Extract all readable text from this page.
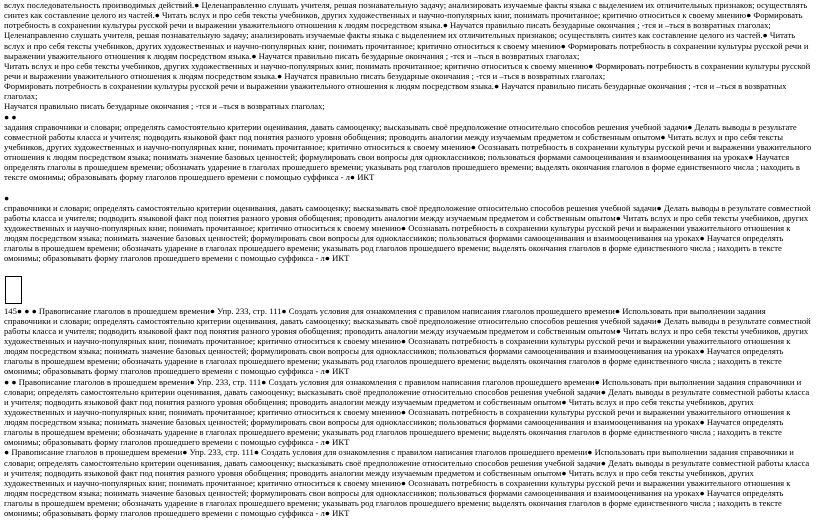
вслух последовательность производимых действий.● Целенаправленно слушать учителя, решая познавательную задачу; анализировать изучаемые факты языка с выделением их отличительных признаков; осуществлять синтез как составление целого из частей.● Читать вслух и про себя тексты учебников, других художественных и научно-популярных книг, понимать прочитанное; критично относиться к своему мнению● Формировать потребность в сохранении культуры русской речи и выражении уважительного отношения к людям посредством языка.● Научатся правильно писать безударные окончания ; -тся и –ться в возвратных глаголах;

Целенаправленно слушать учителя, решая познавательную задачу; анализировать изучаемые факты языка с выделением их отличительных признаков; осуществлять синтез как составление целого из частей.● Читать вслух и про себя тексты учебников, других художественных и научно-популярных книг, понимать прочитанное; критично относиться к своему мнению● Формировать потребность в сохранении культуры русской речи и выражении уважительного отношения к людям посредством языка.● Научатся правильно писать безударные окончания ; -тся и –ться в возвратных глаголах;

Читать вслух и про себя тексты учебников, других художественных и научно-популярных книг, понимать прочитанное; критично относиться к своему мнению● Формировать потребность в сохранении культуры русской речи и выражении уважительного отношения к людям посредством языка.● Научатся правильно писать безударные окончания ; -тся и –ться в возвратных глаголах;

Формировать потребность в сохранении культуры русской речи и выражении уважительного отношения к людям посредством языка.● Научатся правильно писать безударные окончания ; -тся и –ться в возвратных глаголах;

Научатся правильно писать безударные окончания ; -тся и –ться в возвратных глаголах;

● ●

задания справочники и словари; определять самостоятельно критерии оценивания, давать самооценку; высказывать своё предположение относительно способов решения учебной задачи● Делать выводы в результате совместной работы класса и учителя; подводить языковой факт под понятия разного уровня обобщения; проводить аналогии между изучаемым предметом и собственным опытом● Читать вслух и про себя тексты учебников, других художественных и научно-популярных книг, понимать прочитанное; критично относиться к своему мнению● Осознавать потребность в сохранении культуры русской речи и выражении уважительного отношения к людям посредством языка; понимать значение базовых ценностей; формулировать свои вопросы для одноклассников; пользоваться формами самооценивания и взаимооценивания на уроках● Научатся определять глаголы в прошедшем времени; обозначать ударение в глаголах прошедшего времени; указывать род глаголов прошедшего времени; выделять окончания глаголов в форме единственного числа ; находить в тексте омонимы; образовывать форму глаголов прошедшего времени с помощью суффикса - л● ИКТ

●

справочники и словари; определять самостоятельно критерии оценивания, давать самооценку; высказывать своё предположение относительно способов решения учебной задачи● Делать выводы в результате совместной работы класса и учителя; подводить языковой факт под понятия разного уровня обобщения; проводить аналогии между изучаемым предметом и собственным опытом● Читать вслух и про себя тексты учебников, других художественных и научно-популярных книг, понимать прочитанное; критично относиться к своему мнению● Осознавать потребность в сохранении культуры русской речи и выражении уважительного отношения к людям посредством языка; понимать значение базовых ценностей; формулировать свои вопросы для одноклассников; пользоваться формами самооценивания и взаимооценивания на уроках● Научатся определять глаголы в прошедшем времени; обозначать ударение в глаголах прошедшего времени; указывать род глаголов прошедшего времени; выделять окончания глаголов в форме единственного числа ; находить в тексте омонимы; образовывать форму глаголов прошедшего времени с помощью суффикса - л● ИКТ

145● ● ● Правописание глаголов в прошедшем времени● Упр. 233, стр. 111● Создать условия для ознакомления с правилом написания глаголов прошедшего времени● Использовать при выполнении задания справочники и словари; определять самостоятельно критерии оценивания, давать самооценку; высказывать своё предположение относительно способов решения учебной задачи● Делать выводы в результате совместной работы класса и учителя; подводить языковой факт под понятия разного уровня обобщения; проводить аналогии между изучаемым предметом и собственным опытом● Читать вслух и про себя тексты учебников, других художественных и научно-популярных книг, понимать прочитанное; критично относиться к своему мнению● Осознавать потребность в сохранении культуры русской речи и выражении уважительного отношения к людям посредством языка; понимать значение базовых ценностей; формулировать свои вопросы для одноклассников; пользоваться формами самооценивания и взаимооценивания на уроках● Научатся определять глаголы в прошедшем времени; обозначать ударение в глаголах прошедшего времени; указывать род глаголов прошедшего времени; выделять окончания глаголов в форме единственного числа ; находить в тексте омонимы; образовывать форму глаголов прошедшего времени с помощью суффикса - л● ИКТ

● ● Правописание глаголов в прошедшем времени● Упр. 233, стр. 111● Создать условия для ознакомления с правилом написания глаголов прошедшего времени● Использовать при выполнении задания справочники и словари; определять самостоятельно критерии оценивания, давать самооценку; высказывать своё предположение относительно способов решения учебной задачи● Делать выводы в результате совместной работы класса и учителя; подводить языковой факт под понятия разного уровня обобщения; проводить аналогии между изучаемым предметом и собственным опытом● Читать вслух и про себя тексты учебников, других художественных и научно-популярных книг, понимать прочитанное; критично относиться к своему мнению● Осознавать потребность в сохранении культуры русской речи и выражении уважительного отношения к людям посредством языка; понимать значение базовых ценностей; формулировать свои вопросы для одноклассников; пользоваться формами самооценивания и взаимооценивания на уроках● Научатся определять глаголы в прошедшем времени; обозначать ударение в глаголах прошедшего времени; указывать род глаголов прошедшего времени; выделять окончания глаголов в форме единственного числа ; находить в тексте омонимы; образовывать форму глаголов прошедшего времени с помощью суффикса - л● ИКТ

● Правописание глаголов в прошедшем времени● Упр. 233, стр. 111● Создать условия для ознакомления с правилом написания глаголов прошедшего времени● Использовать при выполнении задания справочники и словари; определять самостоятельно критерии оценивания, давать самооценку; высказывать своё предположение относительно способов решения учебной задачи● Делать выводы в результате совместной работы класса и учителя; подводить языковой факт под понятия разного уровня обобщения; проводить аналогии между изучаемым предметом и собственным опытом● Читать вслух и про себя тексты учебников, других художественных и научно-популярных книг, понимать прочитанное; критично относиться к своему мнению● Осознавать потребность в сохранении культуры русской речи и выражении уважительного отношения к людям посредством языка; понимать значение базовых ценностей; формулировать свои вопросы для одноклассников; пользоваться формами самооценивания и взаимооценивания на уроках● Научатся определять глаголы в прошедшем времени; обозначать ударение в глаголах прошедшего времени; указывать род глаголов прошедшего времени; выделять окончания глаголов в форме единственного числа ; находить в тексте омонимы; образовывать форму глаголов прошедшего времени с помощью суффикса - л● ИКТ
